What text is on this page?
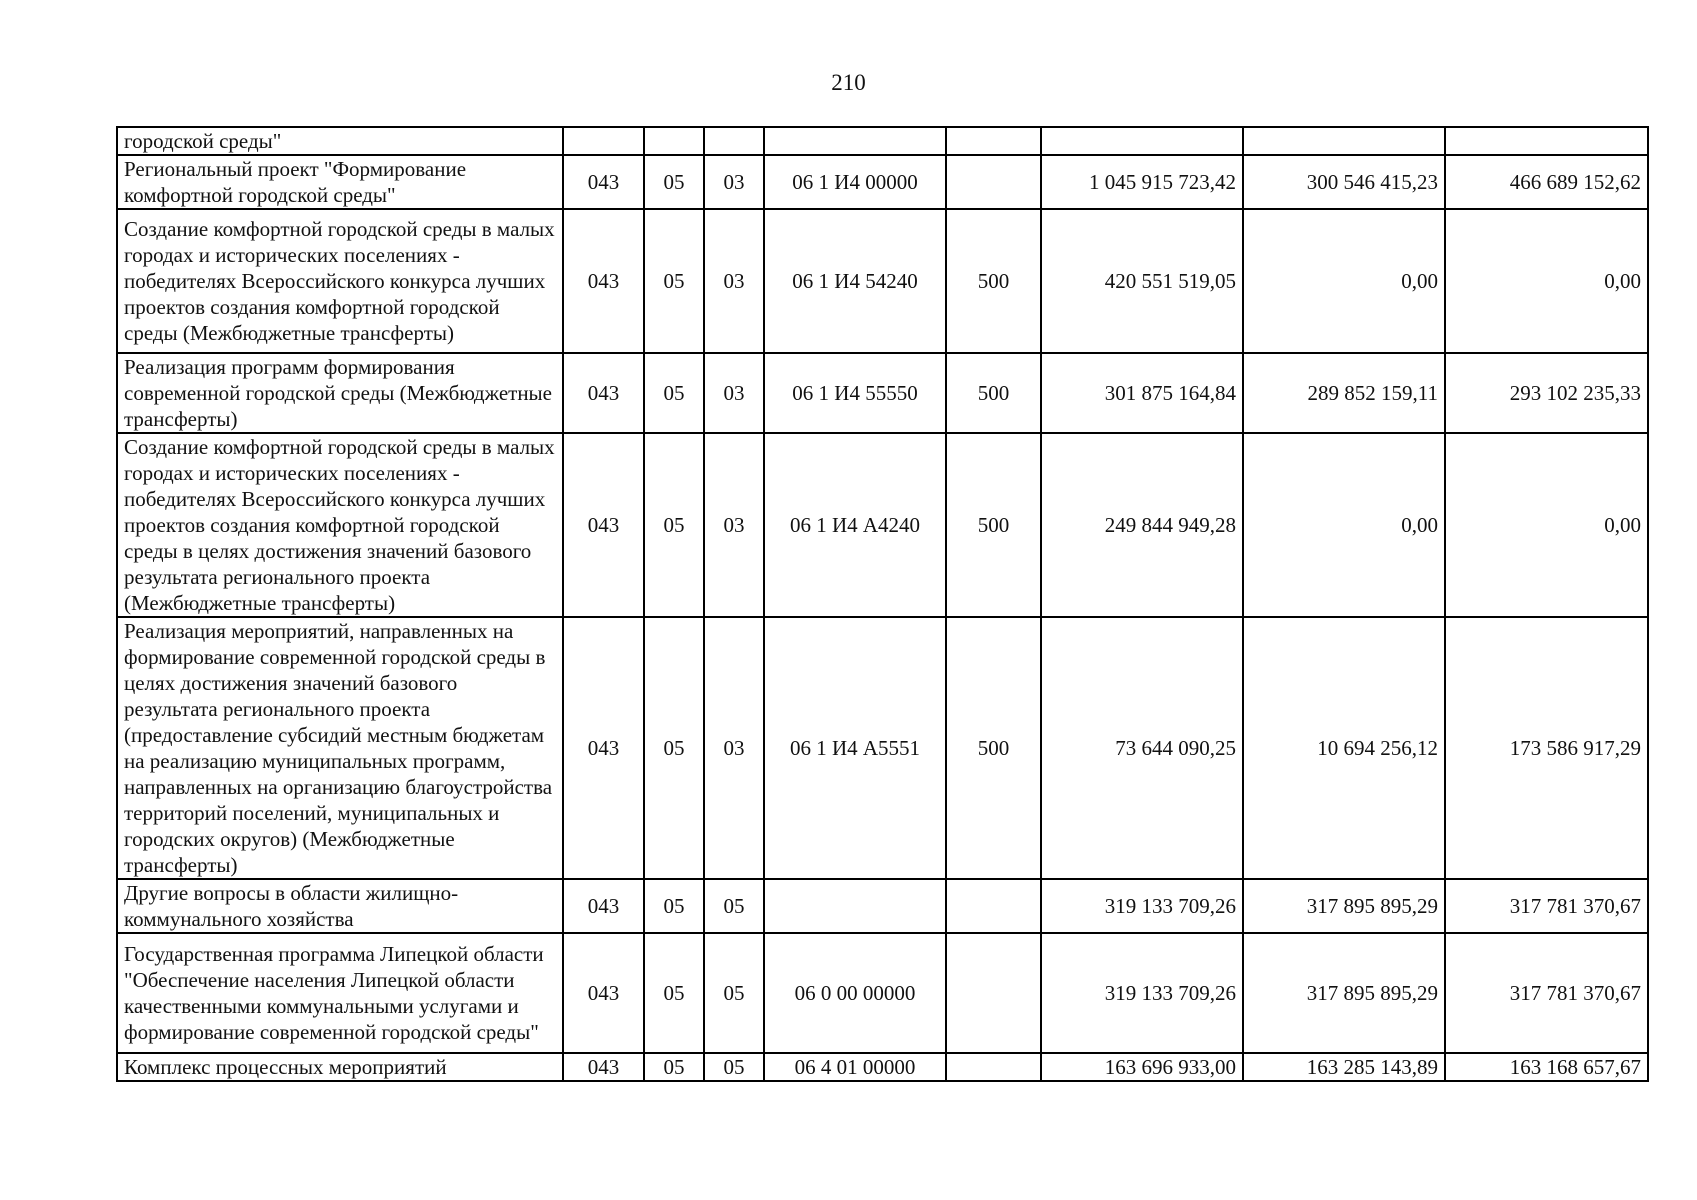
210
городской среды"								
Региональный проект "Формирование комфортной городской среды"	043	05	03	06 1 И4 00000		1 045 915 723,42	300 546 415,23	466 689 152,62
Создание комфортной городской среды в малых городах и исторических поселениях - победителях Всероссийского конкурса лучших проектов создания комфортной городской среды (Межбюджетные трансферты)	043	05	03	06 1 И4 54240	500	420 551 519,05	0,00	0,00
Реализация программ формирования современной городской среды (Межбюджетные трансферты)	043	05	03	06 1 И4 55550	500	301 875 164,84	289 852 159,11	293 102 235,33
Создание комфортной городской среды в малых городах и исторических поселениях - победителях Всероссийского конкурса лучших проектов создания комфортной городской среды в целях достижения значений базового результата регионального проекта (Межбюджетные трансферты)	043	05	03	06 1 И4 А4240	500	249 844 949,28	0,00	0,00
Реализация мероприятий, направленных на формирование современной городской среды в целях достижения значений базового результата регионального проекта (предоставление субсидий местным бюджетам на реализацию муниципальных программ, направленных на организацию благоустройства территорий поселений, муниципальных и городских округов) (Межбюджетные трансферты)	043	05	03	06 1 И4 А5551	500	73 644 090,25	10 694 256,12	173 586 917,29
Другие вопросы в области жилищно-коммунального хозяйства	043	05	05			319 133 709,26	317 895 895,29	317 781 370,67
Государственная программа Липецкой области "Обеспечение населения Липецкой области качественными коммунальными услугами и формирование современной городской среды"	043	05	05	06 0 00 00000		319 133 709,26	317 895 895,29	317 781 370,67
Комплекс процессных мероприятий	043	05	05	06 4 01 00000		163 696 933,00	163 285 143,89	163 168 657,67
